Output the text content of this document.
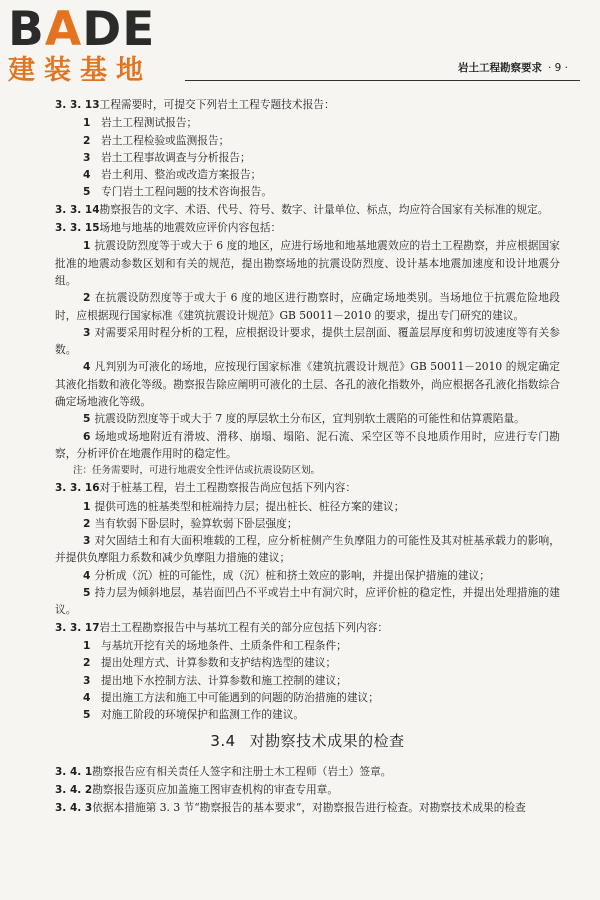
BADE
建装基地	岩土工程勘察要求 · 9 ·
3. 3. 13工程需要时，可提交下列岩土工程专题技术报告：
1 岩土工程测试报告；
2 岩土工程检验或监测报告；
3 岩土工程事故调查与分析报告；
4 岩土利用、整治或改造方案报告；
5 专门岩土工程问题的技术咨询报告。
3. 3. 14勘察报告的文字、术语、代号、符号、数字、计量单位、标点，均应符合国家有关标准的规定。
3. 3. 15场地与地基的地震效应评价内容包括：
1 抗震设防烈度等于或大于 6 度的地区，应进行场地和地基地震效应的岩土工程勘察，并应根据国家批准的地震动参数区划和有关的规范，提出勘察场地的抗震设防烈度、设计基本地震加速度和设计地震分组。
2 在抗震设防烈度等于或大于 6 度的地区进行勘察时，应确定场地类别。当场地位于抗震危险地段时，应根据现行国家标准《建筑抗震设计规范》GB 50011－2010 的要求，提出专门研究的建议。
3 对需要采用时程分析的工程，应根据设计要求，提供土层剖面、覆盖层厚度和剪切波速度等有关参数。
4 凡判别为可液化的场地，应按现行国家标准《建筑抗震设计规范》GB 50011－2010 的规定确定其液化指数和液化等级。勘察报告除应阐明可液化的土层、各孔的液化指数外，尚应根据各孔液化指数综合确定场地液化等级。
5 抗震设防烈度等于或大于 7 度的厚层软土分布区，宜判别软土震陷的可能性和估算震陷量。
6 场地或场地附近有滑坡、滑移、崩塌、塌陷、泥石流、采空区等不良地质作用时，应进行专门勘察，分析评价在地震作用时的稳定性。
注：任务需要时，可进行地震安全性评估或抗震设防区划。
3. 3. 16对于桩基工程，岩土工程勘察报告尚应包括下列内容：
1 提供可选的桩基类型和桩端持力层；提出桩长、桩径方案的建议；
2 当有软弱下卧层时，验算软弱下卧层强度；
3 对欠固结土和有大面积堆载的工程，应分析桩侧产生负摩阻力的可能性及其对桩基承载力的影响，并提供负摩阻力系数和减少负摩阻力措施的建议；
4 分析成（沉）桩的可能性，成（沉）桩和挤土效应的影响，并提出保护措施的建议；
5 持力层为倾斜地层，基岩面凹凸不平或岩土中有洞穴时，应评价桩的稳定性，并提出处理措施的建议。
3. 3. 17岩土工程勘察报告中与基坑工程有关的部分应包括下列内容：
1 与基坑开挖有关的场地条件、土质条件和工程条件；
2 提出处理方式、计算参数和支护结构选型的建议；
3 提出地下水控制方法、计算参数和施工控制的建议；
4 提出施工方法和施工中可能遇到的问题的防治措施的建议；
5 对施工阶段的环境保护和监测工作的建议。
3.4 对勘察技术成果的检查
3. 4. 1勘察报告应有相关责任人签字和注册土木工程师（岩土）签章。
3. 4. 2勘察报告逐页应加盖施工图审查机构的审查专用章。
3. 4. 3依据本措施第 3. 3 节“勘察报告的基本要求”，对勘察报告进行检查。对勘察技术成果的检查
